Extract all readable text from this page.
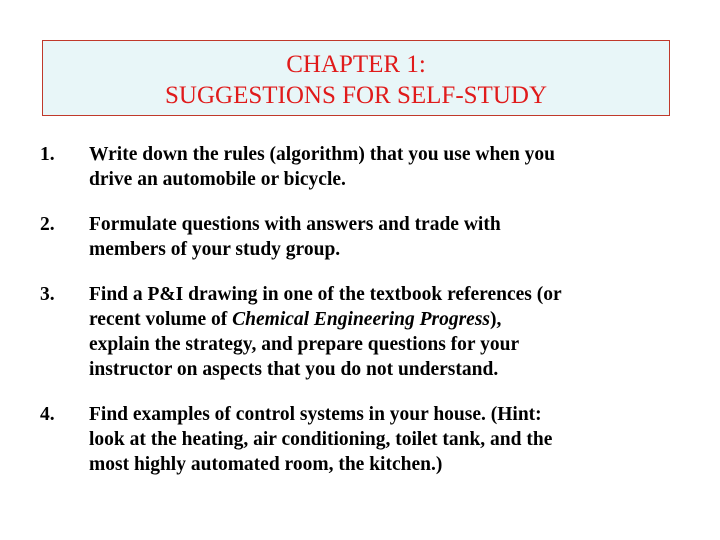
CHAPTER 1:
SUGGESTIONS FOR SELF-STUDY
1. Write down the rules (algorithm) that you use when you
drive an automobile or bicycle.
2. Formulate questions with answers and trade with
members of your study group.
3. Find a P&I drawing in one of the textbook references (or
recent volume of Chemical Engineering Progress),
explain the strategy, and prepare questions for your
instructor on aspects that you do not understand.
4. Find examples of control systems in your house. (Hint:
look at the heating, air conditioning, toilet tank, and the
most highly automated room, the kitchen.)
